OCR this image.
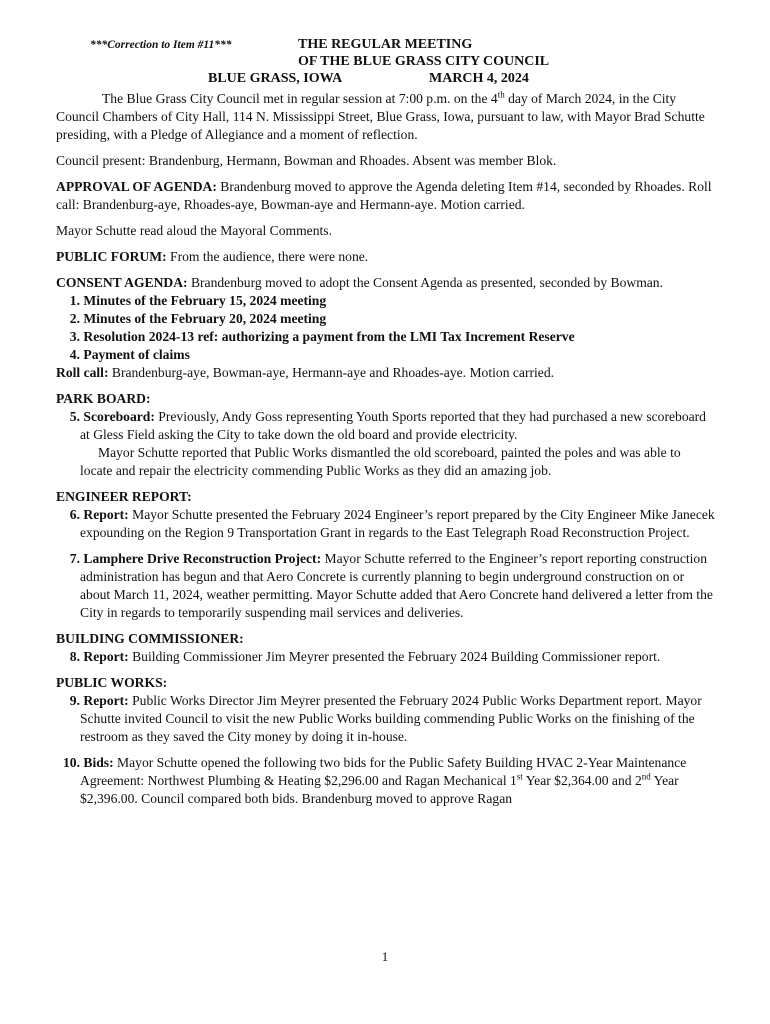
***Correction to Item #11***	THE REGULAR MEETING
OF THE BLUE GRASS CITY COUNCIL
BLUE GRASS, IOWA	MARCH 4, 2024

The Blue Grass City Council met in regular session at 7:00 p.m. on the 4th day of March 2024, in the City Council Chambers of City Hall, 114 N. Mississippi Street, Blue Grass, Iowa, pursuant to law, with Mayor Brad Schutte presiding, with a Pledge of Allegiance and a moment of reflection.

Council present: Brandenburg, Hermann, Bowman and Rhoades. Absent was member Blok.

APPROVAL OF AGENDA: Brandenburg moved to approve the Agenda deleting Item #14, seconded by Rhoades. Roll call: Brandenburg-aye, Rhoades-aye, Bowman-aye and Hermann-aye. Motion carried.

Mayor Schutte read aloud the Mayoral Comments.

PUBLIC FORUM: From the audience, there were none.

CONSENT AGENDA: Brandenburg moved to adopt the Consent Agenda as presented, seconded by Bowman.

1. Minutes of the February 15, 2024 meeting

2. Minutes of the February 20, 2024 meeting

3. Resolution 2024-13 ref: authorizing a payment from the LMI Tax Increment Reserve

4. Payment of claims

Roll call: Brandenburg-aye, Bowman-aye, Hermann-aye and Rhoades-aye. Motion carried.

PARK BOARD:

5. Scoreboard: Previously, Andy Goss representing Youth Sports reported that they had purchased a new scoreboard at Gless Field asking the City to take down the old board and provide electricity.

Mayor Schutte reported that Public Works dismantled the old scoreboard, painted the poles and was able to locate and repair the electricity commending Public Works as they did an amazing job.

ENGINEER REPORT:

6. Report: Mayor Schutte presented the February 2024 Engineer’s report prepared by the City Engineer Mike Janecek expounding on the Region 9 Transportation Grant in regards to the East Telegraph Road Reconstruction Project.

7. Lamphere Drive Reconstruction Project: Mayor Schutte referred to the Engineer’s report reporting construction administration has begun and that Aero Concrete is currently planning to begin underground construction on or about March 11, 2024, weather permitting. Mayor Schutte added that Aero Concrete hand delivered a letter from the City in regards to temporarily suspending mail services and deliveries.

BUILDING COMMISSIONER:

8. Report: Building Commissioner Jim Meyrer presented the February 2024 Building Commissioner report.

PUBLIC WORKS:

9. Report: Public Works Director Jim Meyrer presented the February 2024 Public Works Department report. Mayor Schutte invited Council to visit the new Public Works building commending Public Works on the finishing of the restroom as they saved the City money by doing it in-house.

10. Bids: Mayor Schutte opened the following two bids for the Public Safety Building HVAC 2-Year Maintenance Agreement: Northwest Plumbing & Heating $2,296.00 and Ragan Mechanical 1st Year $2,364.00 and 2nd Year $2,396.00. Council compared both bids. Brandenburg moved to approve Ragan

1
